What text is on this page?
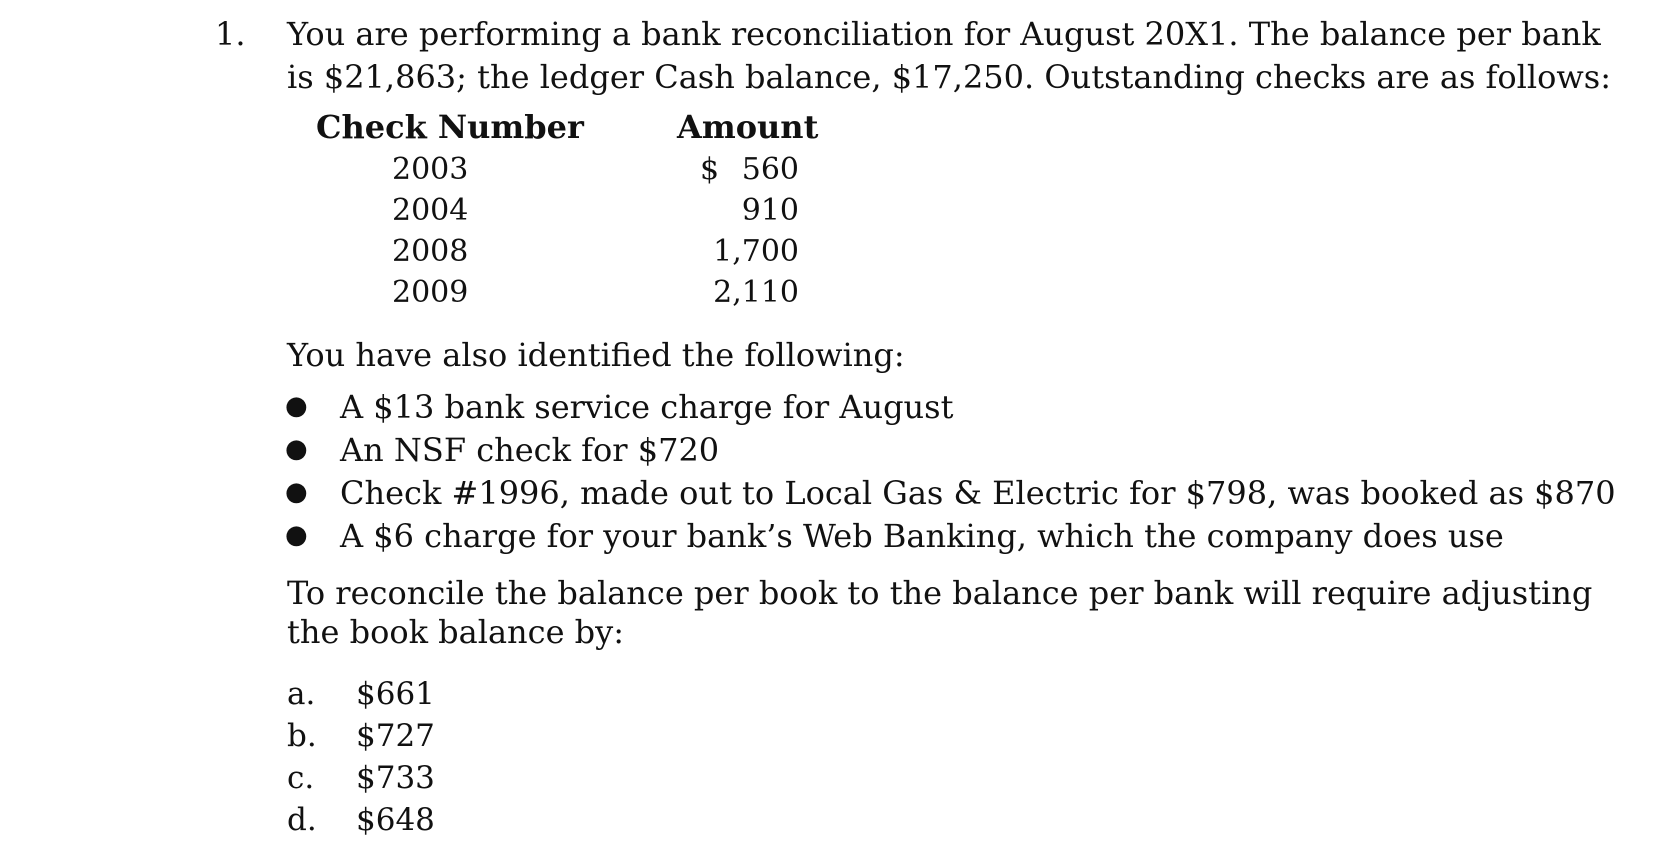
1. You are performing a bank reconciliation for August 20X1. The balance per bank
is $21,863; the ledger Cash balance, $17,250. Outstanding checks are as follows:
Check Number	Amount
2003	$ 560
2004	910
2008	1,700
2009	2,110
You have also identified the following:
● A $13 bank service charge for August
● An NSF check for $720
● Check #1996, made out to Local Gas & Electric for $798, was booked as $870
● A $6 charge for your bank’s Web Banking, which the company does use
To reconcile the balance per book to the balance per bank will require adjusting
the book balance by:
a. $661
b. $727
c. $733
d. $648
